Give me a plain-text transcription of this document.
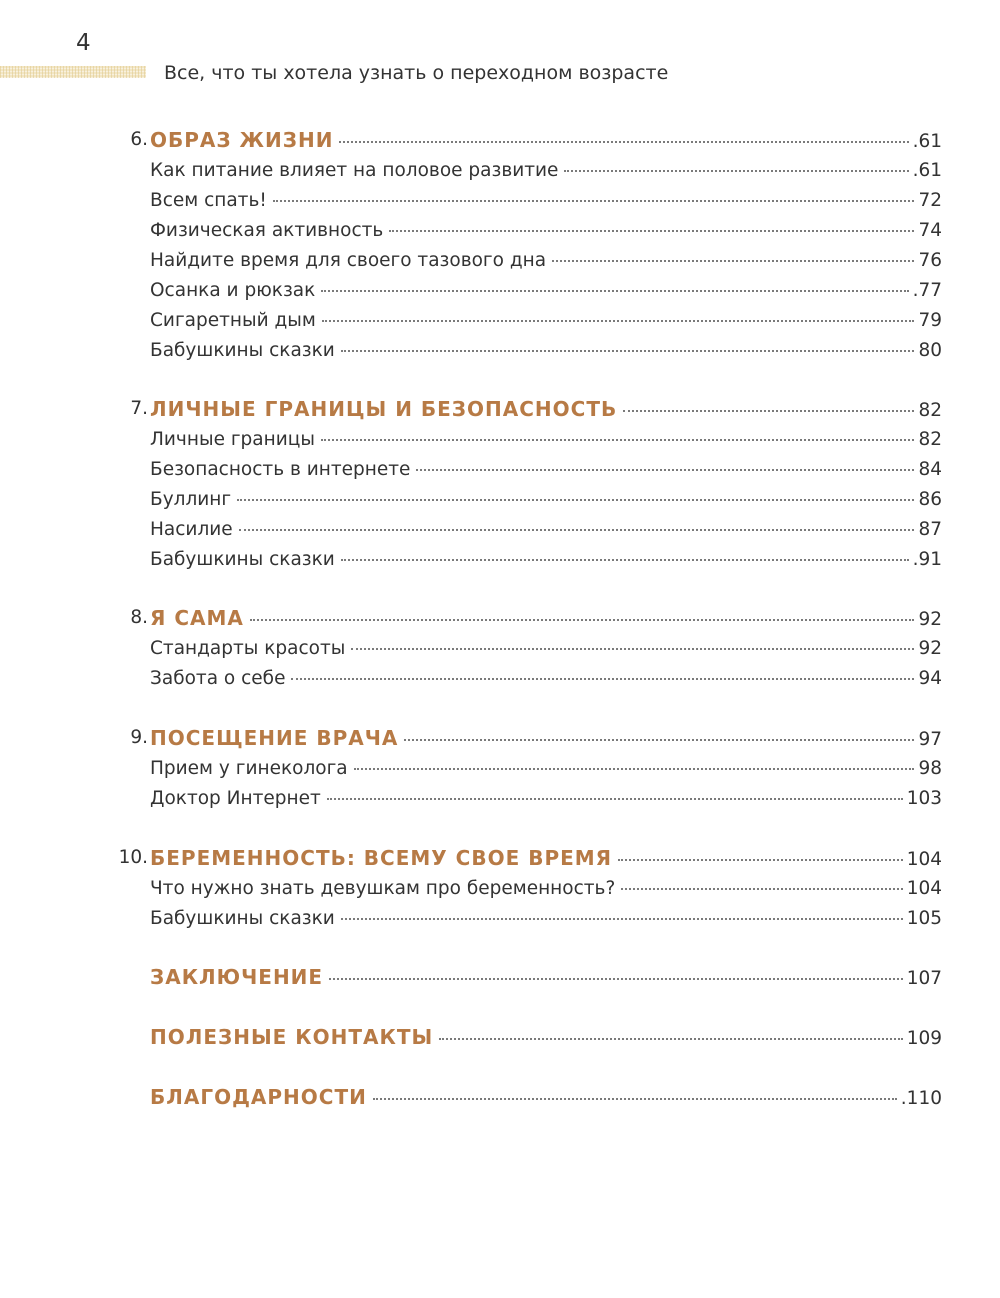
4
Все, что ты хотела узнать о переходном возрасте
6. ОБРАЗ ЖИЗНИ	.61
Как питание влияет на половое развитие	.61
Всем спать!	72
Физическая активность	74
Найдите время для своего тазового дна	76
Осанка и рюкзак	.77
Сигаретный дым	79
Бабушкины сказки	80
7. ЛИЧНЫЕ ГРАНИЦЫ И БЕЗОПАСНОСТЬ	82
Личные границы	82
Безопасность в интернете	84
Буллинг	86
Насилие	87
Бабушкины сказки	.91
8. Я САМА	92
Стандарты красоты	92
Забота о себе	94
9. ПОСЕЩЕНИЕ ВРАЧА	97
Прием у гинеколога	98
Доктор Интернет	103
10. БЕРЕМЕННОСТЬ: ВСЕМУ СВОЕ ВРЕМЯ	104
Что нужно знать девушкам про беременность?	104
Бабушкины сказки	105
ЗАКЛЮЧЕНИЕ	107
ПОЛЕЗНЫЕ КОНТАКТЫ	109
БЛАГОДАРНОСТИ	.110
